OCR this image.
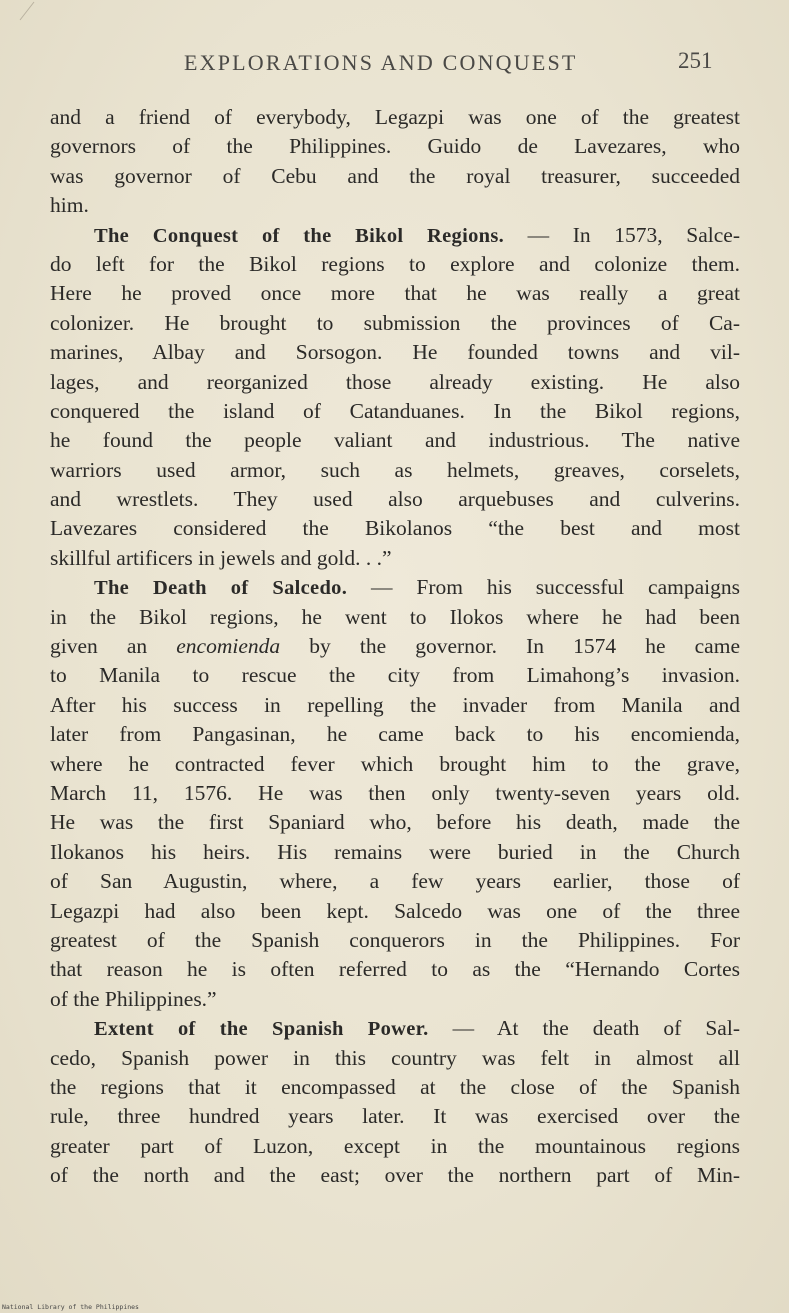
EXPLORATIONS AND CONQUEST	251
and a friend of everybody, Legazpi was one of the greatest
governors of the Philippines. Guido de Lavezares, who
was governor of Cebu and the royal treasurer, succeeded
him.
The Conquest of the Bikol Regions. — In 1573, Salce-
do left for the Bikol regions to explore and colonize them.
Here he proved once more that he was really a great
colonizer. He brought to submission the provinces of Ca-
marines, Albay and Sorsogon. He founded towns and vil-
lages, and reorganized those already existing. He also
conquered the island of Catanduanes. In the Bikol regions,
he found the people valiant and industrious. The native
warriors used armor, such as helmets, greaves, corselets,
and wrestlets. They used also arquebuses and culverins.
Lavezares considered the Bikolanos “the best and most
skillful artificers in jewels and gold. . .”
The Death of Salcedo. — From his successful campaigns
in the Bikol regions, he went to Ilokos where he had been
given an encomienda by the governor. In 1574 he came
to Manila to rescue the city from Limahong’s invasion.
After his success in repelling the invader from Manila and
later from Pangasinan, he came back to his encomienda,
where he contracted fever which brought him to the grave,
March 11, 1576. He was then only twenty-seven years old.
He was the first Spaniard who, before his death, made the
Ilokanos his heirs. His remains were buried in the Church
of San Augustin, where, a few years earlier, those of
Legazpi had also been kept. Salcedo was one of the three
greatest of the Spanish conquerors in the Philippines. For
that reason he is often referred to as the “Hernando Cortes
of the Philippines.”
Extent of the Spanish Power. — At the death of Sal-
cedo, Spanish power in this country was felt in almost all
the regions that it encompassed at the close of the Spanish
rule, three hundred years later. It was exercised over the
greater part of Luzon, except in the mountainous regions
of the north and the east; over the northern part of Min-
National Library of the Philippines
